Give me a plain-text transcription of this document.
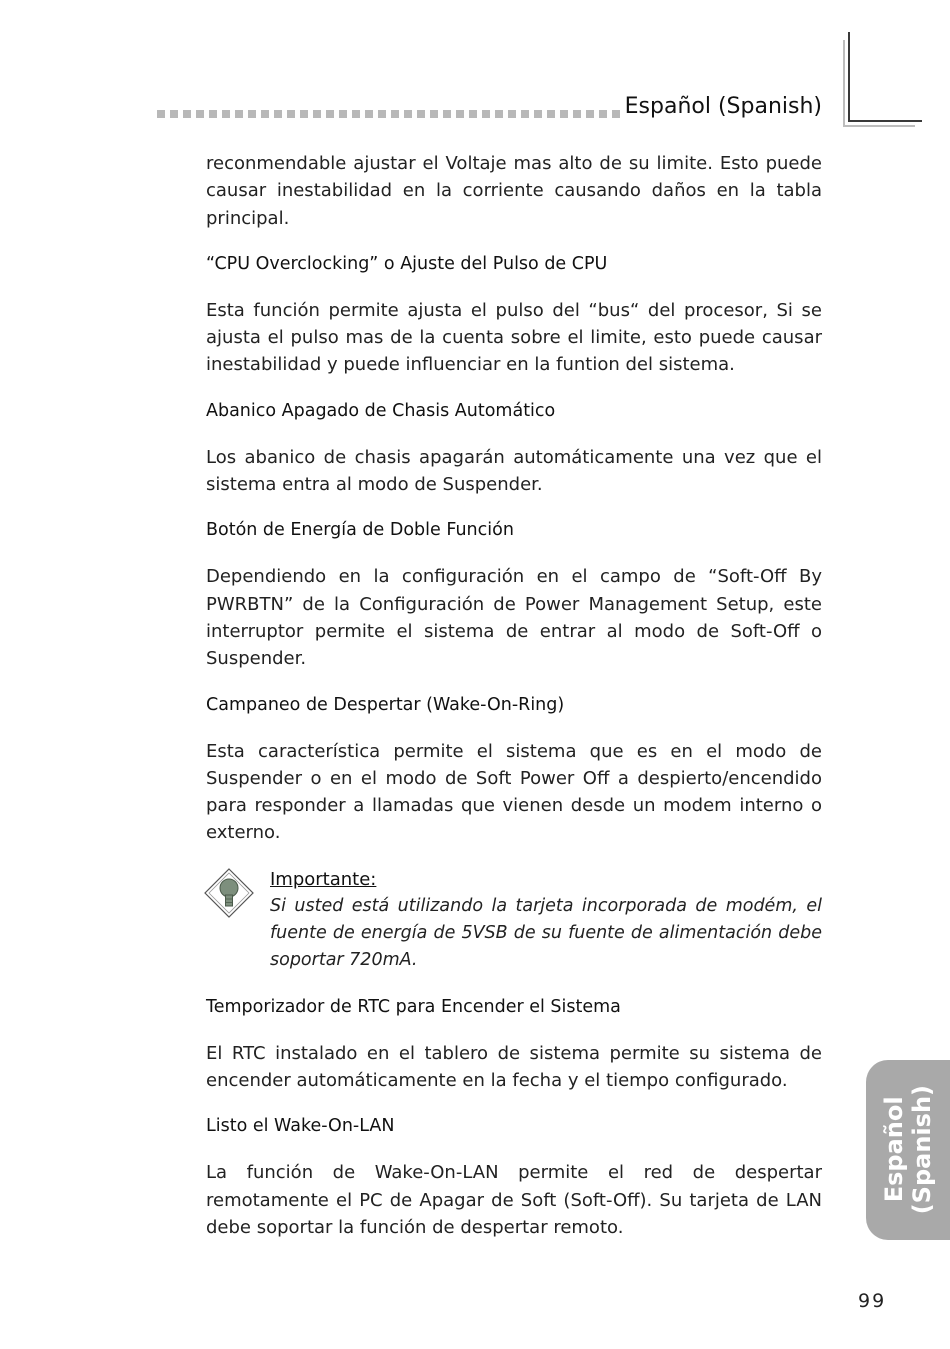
Español (Spanish)

reconmendable ajustar el Voltaje mas alto de su limite. Esto puede causar inestabilidad en la corriente causando daños en la tabla principal.

“CPU Overclocking” o Ajuste del Pulso de CPU

Esta función permite ajusta el pulso del “bus“ del procesor, Si se ajusta el pulso mas de la cuenta sobre el limite, esto puede causar inestabilidad y puede influenciar en la funtion del sistema.

Abanico Apagado de Chasis Automático

Los abanico de chasis apagarán automáticamente una vez que el sistema entra al modo de Suspender.

Botón de Energía de Doble Función

Dependiendo en la configuración en el campo de “Soft-Off By PWRBTN” de la Configuración de Power Management Setup, este interruptor permite el sistema de entrar al modo de Soft-Off o Suspender.

Campaneo de Despertar (Wake-On-Ring)

Esta característica permite el sistema que es en el modo de Suspender o en el modo de Soft Power Off a despierto/encendido para responder a llamadas que vienen desde un modem interno o externo.

Importante:
Si usted está utilizando la tarjeta incorporada de modém, el fuente de energía de 5VSB de su fuente de alimentación debe soportar 720mA.
Temporizador de RTC para Encender el Sistema

El RTC instalado en el tablero de sistema permite su sistema de encender automáticamente en la fecha y el tiempo configurado.

Listo el Wake-On-LAN

La función de Wake-On-LAN permite el red de despertar remotamente el PC de Apagar de Soft (Soft-Off). Su tarjeta de LAN debe soportar la función de despertar remoto.

Español
(Spanish)
99
